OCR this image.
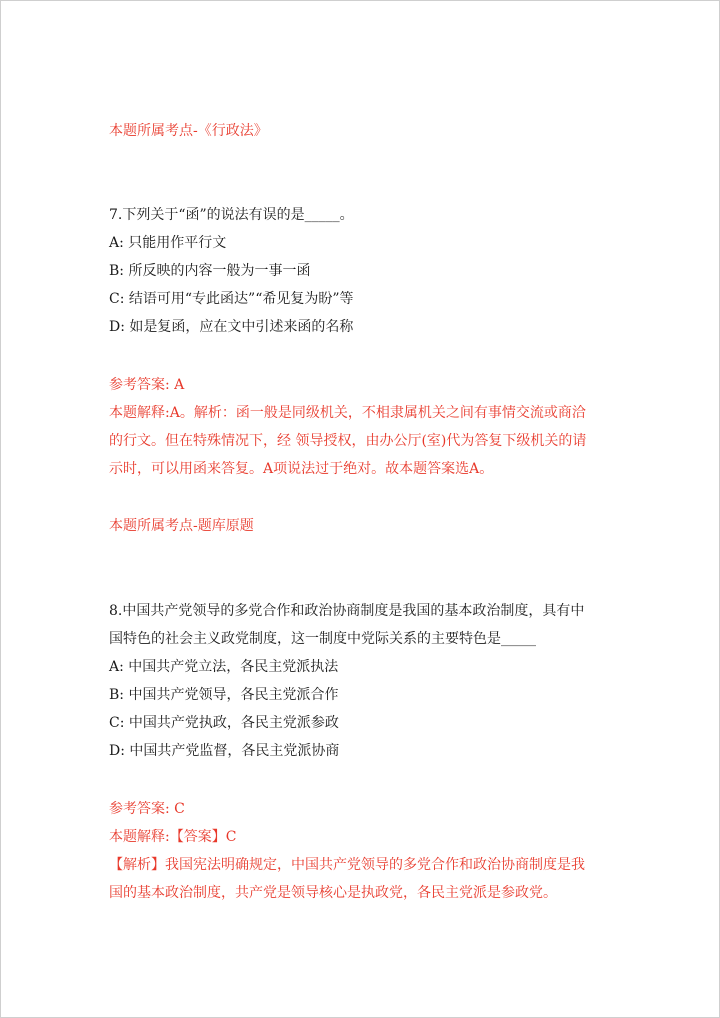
本题所属考点-《行政法》
7.下列关于“函”的说法有误的是_____。
A: 只能用作平行文
B: 所反映的内容一般为一事一函
C: 结语可用“专此函达”“希见复为盼”等
D: 如是复函，应在文中引述来函的名称
参考答案: A
本题解释:A。解析：函一般是同级机关，不相隶属机关之间有事情交流或商洽
的行文。但在特殊情况下，经 领导授权，由办公厅(室)代为答复下级机关的请
示时，可以用函来答复。A项说法过于绝对。故本题答案选A。
本题所属考点-题库原题
8.中国共产党领导的多党合作和政治协商制度是我国的基本政治制度，具有中
国特色的社会主义政党制度，这一制度中党际关系的主要特色是_____
A: 中国共产党立法，各民主党派执法
B: 中国共产党领导，各民主党派合作
C: 中国共产党执政，各民主党派参政
D: 中国共产党监督，各民主党派协商
参考答案: C
本题解释:【答案】C
【解析】我国宪法明确规定，中国共产党领导的多党合作和政治协商制度是我
国的基本政治制度，共产党是领导核心是执政党，各民主党派是参政党。
